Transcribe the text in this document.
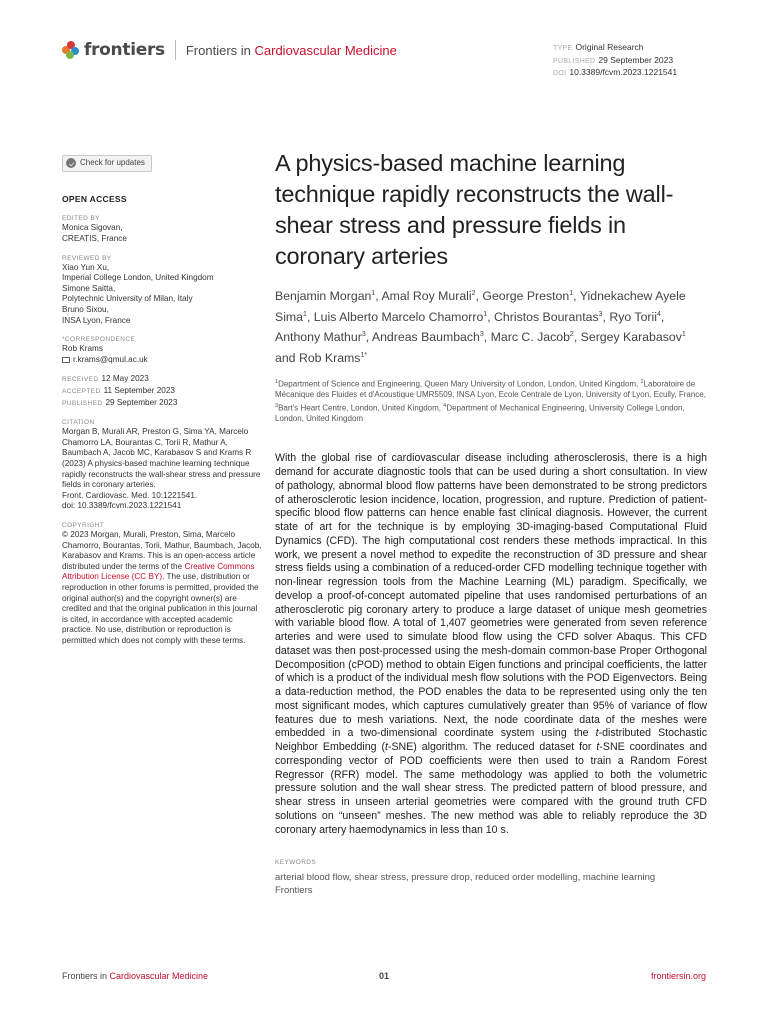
frontiers Frontiers in Cardiovascular Medicine	TYPE Original Research
PUBLISHED 29 September 2023
DOI 10.3389/fcvm.2023.1221541
Check for updates
OPEN ACCESS
EDITED BY
Monica Sigovan,
CREATIS, France
REVIEWED BY
Xiao Yun Xu,
Imperial College London, United Kingdom
Simone Saitta,
Polytechnic University of Milan, Italy
Bruno Sixou,
INSA Lyon, France
*CORRESPONDENCE
Rob Krams
r.krams@qmul.ac.uk
RECEIVED 12 May 2023
ACCEPTED 11 September 2023
PUBLISHED 29 September 2023
CITATION
Morgan B, Murali AR, Preston G, Sima YA, Marcelo Chamorro LA, Bourantas C, Torii R, Mathur A, Baumbach A, Jacob MC, Karabasov S and Krams R (2023) A physics-based machine learning technique rapidly reconstructs the wall-shear stress and pressure fields in coronary arteries.
Front. Cardiovasc. Med. 10:1221541.
doi: 10.3389/fcvm.2023.1221541
COPYRIGHT
© 2023 Morgan, Murali, Preston, Sima, Marcelo Chamorro, Bourantas, Torii, Mathur, Baumbach, Jacob, Karabasov and Krams. This is an open-access article distributed under the terms of the Creative Commons Attribution License (CC BY). The use, distribution or reproduction in other forums is permitted, provided the original author(s) and the copyright owner(s) are credited and that the original publication in this journal is cited, in accordance with accepted academic practice. No use, distribution or reproduction is permitted which does not comply with these terms.
A physics-based machine learning technique rapidly reconstructs the wall-shear stress and pressure fields in coronary arteries
Benjamin Morgan$^1$, Amal Roy Murali$^2$, George Preston$^1$, Yidnekachew Ayele Sima$^1$, Luis Alberto Marcelo Chamorro$^1$, Christos Bourantas$^3$, Ryo Torii$^4$, Anthony Mathur$^3$, Andreas Baumbach$^3$, Marc C. Jacob$^2$, Sergey Karabasov$^1$ and Rob Krams$^{1*}$
$^1$Department of Science and Engineering, Queen Mary University of London, London, United Kingdom, $^2$Laboratoire de Mécanique des Fluides et d'Acoustique UMR5509, INSA Lyon, Ecole Centrale de Lyon, University of Lyon, Ecully, France, $^3$Bart's Heart Centre, London, United Kingdom, $^4$Department of Mechanical Engineering, University College London, London, United Kingdom
With the global rise of cardiovascular disease including atherosclerosis, there is a high demand for accurate diagnostic tools that can be used during a short consultation. In view of pathology, abnormal blood flow patterns have been demonstrated to be strong predictors of atherosclerotic lesion incidence, location, progression, and rupture. Prediction of patient-specific blood flow patterns can hence enable fast clinical diagnosis. However, the current state of art for the technique is by employing 3D-imaging-based Computational Fluid Dynamics (CFD). The high computational cost renders these methods impractical. In this work, we present a novel method to expedite the reconstruction of 3D pressure and shear stress fields using a combination of a reduced-order CFD modelling technique together with non-linear regression tools from the Machine Learning (ML) paradigm. Specifically, we develop a proof-of-concept automated pipeline that uses randomised perturbations of an atherosclerotic pig coronary artery to produce a large dataset of unique mesh geometries with variable blood flow. A total of 1,407 geometries were generated from seven reference arteries and were used to simulate blood flow using the CFD solver Abaqus. This CFD dataset was then post-processed using the mesh-domain common-base Proper Orthogonal Decomposition (cPOD) method to obtain Eigen functions and principal coefficients, the latter of which is a product of the individual mesh flow solutions with the POD Eigenvectors. Being a data-reduction method, the POD enables the data to be represented using only the ten most significant modes, which captures cumulatively greater than 95% of variance of flow features due to mesh variations. Next, the node coordinate data of the meshes were embedded in a two-dimensional coordinate system using the t-distributed Stochastic Neighbor Embedding (t-SNE) algorithm. The reduced dataset for t-SNE coordinates and corresponding vector of POD coefficients were then used to train a Random Forest Regressor (RFR) model. The same methodology was applied to both the volumetric pressure solution and the wall shear stress. The predicted pattern of blood pressure, and shear stress in unseen arterial geometries were compared with the ground truth CFD solutions on “unseen” meshes. The new method was able to reliably reproduce the 3D coronary artery haemodynamics in less than 10 s.
KEYWORDS
arterial blood flow, shear stress, pressure drop, reduced order modelling, machine learning
Frontiers
Frontiers in Cardiovascular Medicine	01	frontiersin.org
